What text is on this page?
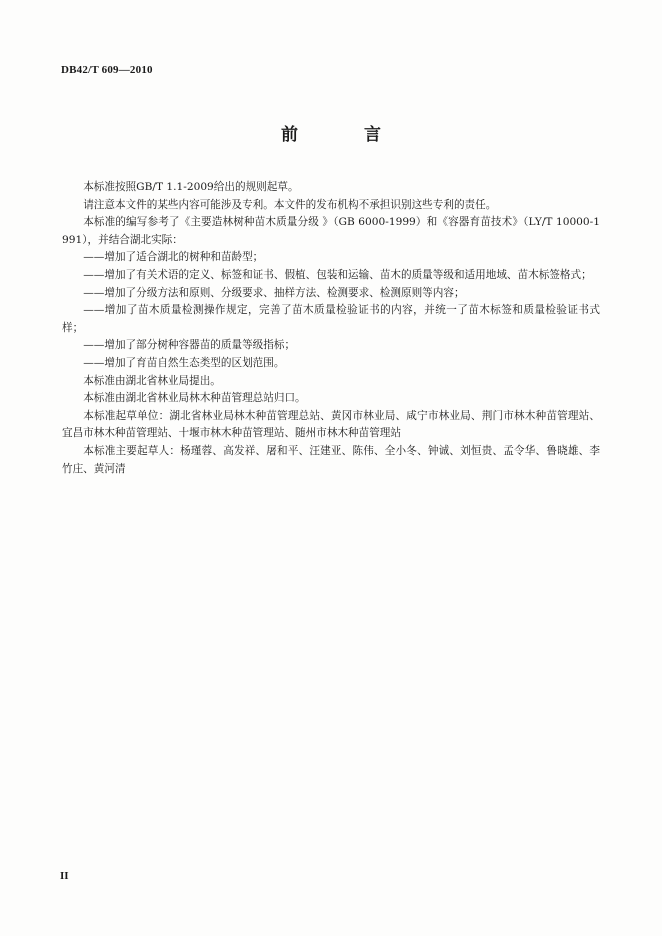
DB42/T 609—2010
前 言

本标准按照GB/T 1.1-2009给出的规则起草。

请注意本文件的某些内容可能涉及专利。本文件的发布机构不承担识别这些专利的责任。

本标准的编写参考了《主要造林树种苗木质量分级 》（GB 6000-1999）和《容器育苗技术》（LY/T 10000-1991），并结合湖北实际：

——增加了适合湖北的树种和苗龄型；

——增加了有关术语的定义、标签和证书、假植、包装和运输、苗木的质量等级和适用地域、苗木标签格式；

——增加了分级方法和原则、分级要求、抽样方法、检测要求、检测原则等内容；

——增加了苗木质量检测操作规定，完善了苗木质量检验证书的内容，并统一了苗木标签和质量检验证书式样；

——增加了部分树种容器苗的质量等级指标；

——增加了育苗自然生态类型的区划范围。

本标准由湖北省林业局提出。

本标准由湖北省林业局林木种苗管理总站归口。

本标准起草单位：湖北省林业局林木种苗管理总站、黄冈市林业局、咸宁市林业局、荆门市林木种苗管理站、宜昌市林木种苗管理站、十堰市林木种苗管理站、随州市林木种苗管理站

本标准主要起草人：杨瑾蓉、高发祥、屠和平、汪建亚、陈伟、全小冬、钟诚、刘恒贵、孟令华、鲁晓雄、李竹庄、黄河清

II
